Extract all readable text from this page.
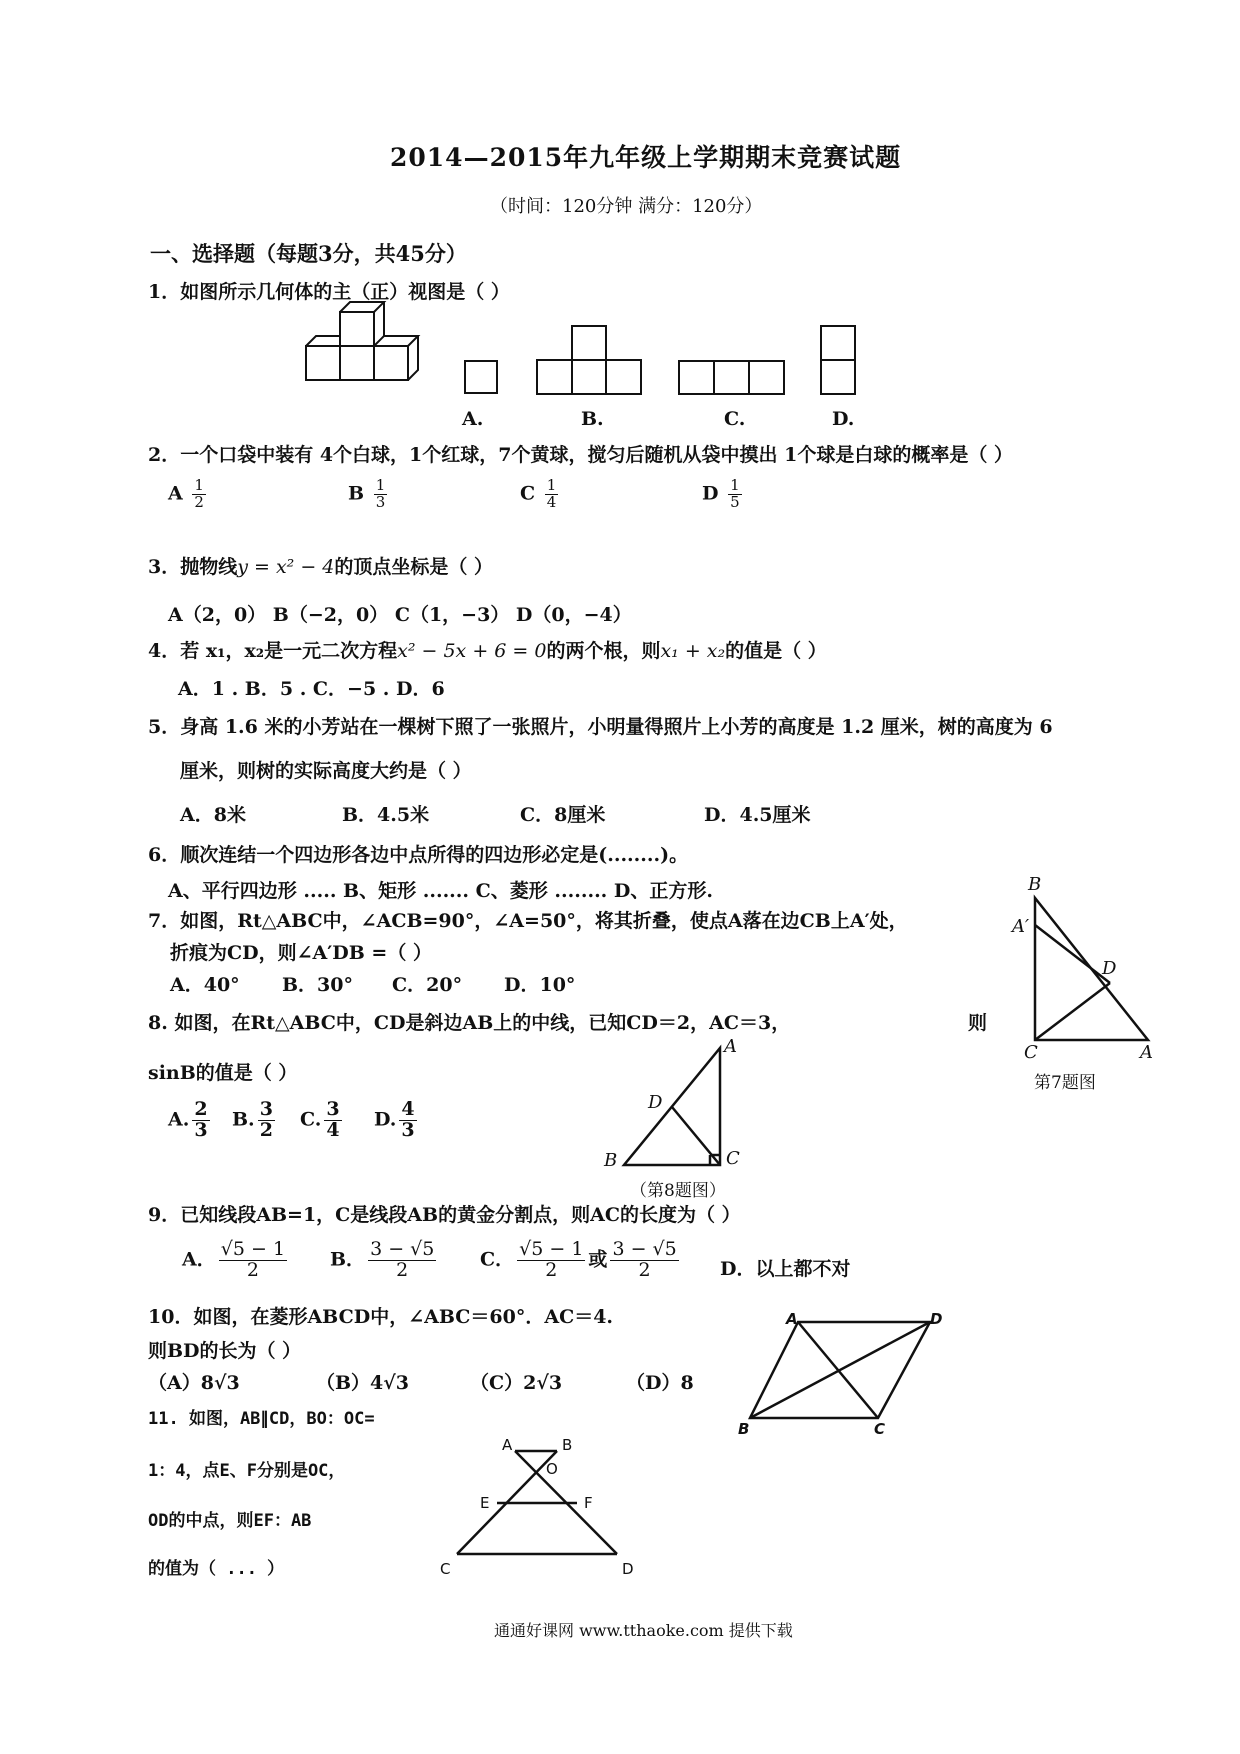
2014—2015年九年级上学期期末竞赛试题
（时间：120分钟 满分：120分）
一、选择题（每题3分，共45分）
1．如图所示几何体的主（正）视图是（ ）
A.	B.	C.	D.
2．一个口袋中装有 4个白球，1个红球，7个黄球，搅匀后随机从袋中摸出 1个球是白球的概率是（ ）
A $\frac{1}{2}$	B $\frac{1}{3}$	C $\frac{1}{4}$	D $\frac{1}{5}$
3．抛物线y = x² − 4的顶点坐标是（ ）
A（2，0） B（−2，0） C（1，−3） D（0，−4）
4．若 x₁，x₂是一元二次方程x² − 5x + 6 = 0的两个根，则x₁ + x₂的值是（ ）
A．1 . B．5 . C．−5 . D．6
5．身高 1.6 米的小芳站在一棵树下照了一张照片，小明量得照片上小芳的高度是 1.2 厘米，树的高度为 6
厘米，则树的实际高度大约是（ ）
A．8米	B．4.5米	C．8厘米	D．4.5厘米
6．顺次连结一个四边形各边中点所得的四边形必定是(........)。
A、平行四边形 ..... B、矩形 ....... C、菱形 ........ D、正方形.
7．如图，Rt△ABC中，∠ACB=90°，∠A=50°，将其折叠，使点A落在边CB上A′处，
折痕为CD，则∠A′DB =（ ）
A．40° B．30° C．20° D．10°
B
A′
D
C	A
第7题图
8. 如图，在Rt△ABC中，CD是斜边AB上的中线，已知CD＝2，AC＝3，	则
sinB的值是（ ）
A. $\frac{2}{3} B$. $\frac{3}{2} C$. $\frac{3}{4} D$. $\frac{4}{3}$
A
D
B	C
（第8题图）
9．已知线段AB=1，C是线段AB的黄金分割点，则AC的长度为（ ）
A． $\frac{√5 - 1}{2}$ B． $\frac{3 - √5}{2}$ C． $\frac{√5 - 1}{2}$ 或 $\frac{3 - √5}{2}$ D．以上都不对
10．如图，在菱形ABCD中，∠ABC＝60°．AC＝4.
则BD的长为（ ）
（A）8√3	（B）4√3	（C）2√3	（D）8
A	D
B	C
11. 如图，AB∥CD，BO：OC=
1：4，点E、F分别是OC，
OD的中点，则EF：AB
的值为（ ... ）
A	B
O
E	F
C	D
通通好课网 www.tthaoke.com 提供下载
